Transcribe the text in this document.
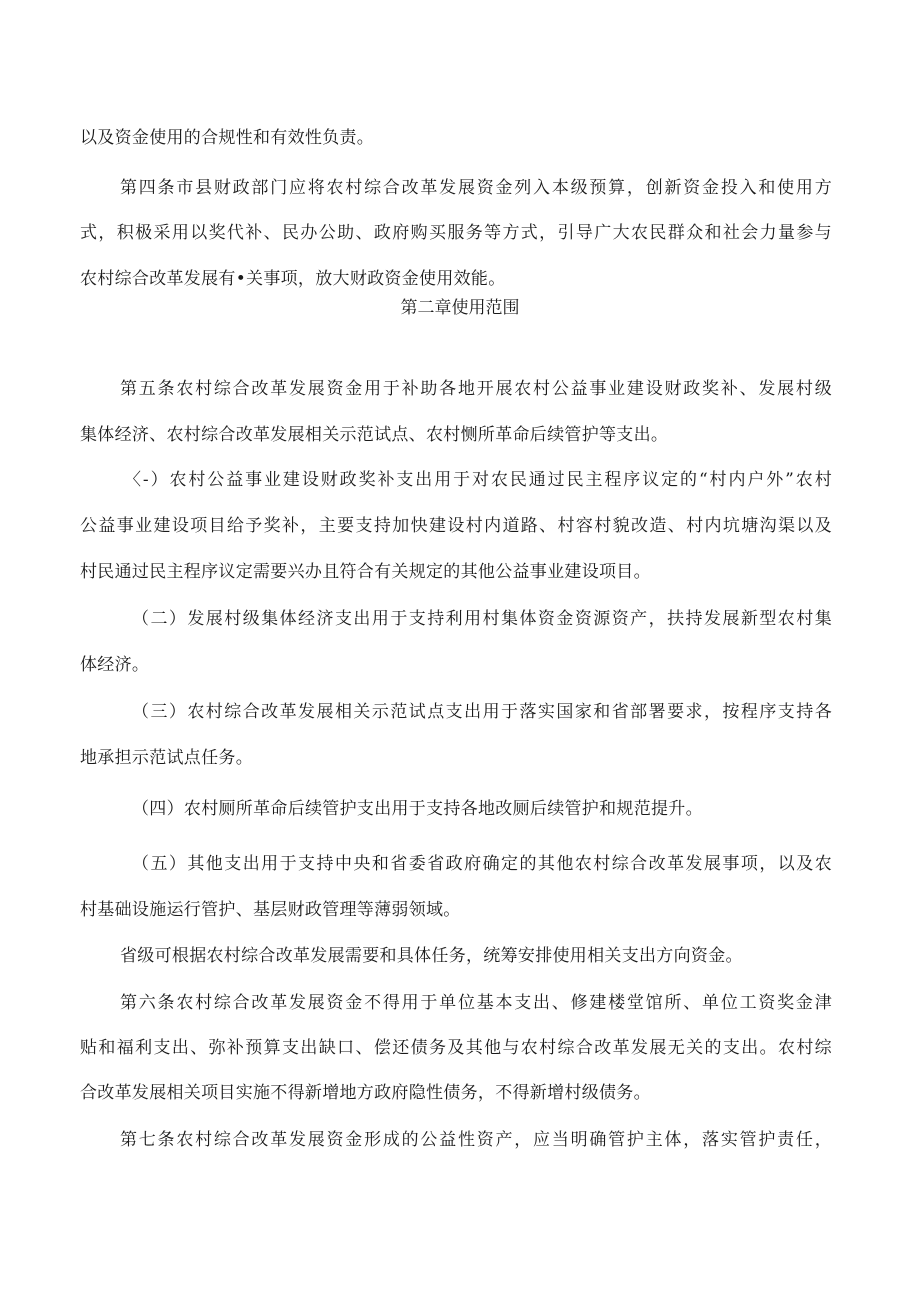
以及资金使用的合规性和有效性负责。
第四条市县财政部门应将农村综合改革发展资金列入本级预算，创新资金投入和使用方
式，积极采用以奖代补、民办公助、政府购买服务等方式，引导广大农民群众和社会力量参与
农村综合改革发展有•关事项，放大财政资金使用效能。
第二章使用范围
第五条农村综合改革发展资金用于补助各地开展农村公益事业建设财政奖补、发展村级
集体经济、农村综合改革发展相关示范试点、农村恻所革命后续管护等支出。
〈-）农村公益事业建设财政奖补支出用于对农民通过民主程序议定的“村内户外”农村
公益事业建设项目给予奖补，主要支持加快建设村内道路、村容村貌改造、村内坑塘沟渠以及
村民通过民主程序议定需要兴办且符合有关规定的其他公益事业建设项目。
（二）发展村级集体经济支出用于支持利用村集体资金资源资产，扶持发展新型农村集
体经济。
（三）农村综合改革发展相关示范试点支出用于落实国家和省部署要求，按程序支持各
地承担示范试点任务。
（四）农村厕所革命后续管护支出用于支持各地改厕后续管护和规范提升。
（五）其他支出用于支持中央和省委省政府确定的其他农村综合改革发展事项，以及农
村基础设施运行管护、基层财政管理等薄弱领域。
省级可根据农村综合改革发展需要和具体任务，统筹安排使用相关支出方向资金。
第六条农村综合改革发展资金不得用于单位基本支出、修建楼堂馆所、单位工资奖金津
贴和福利支出、弥补预算支出缺口、偿还债务及其他与农村综合改革发展无关的支出。农村综
合改革发展相关项目实施不得新增地方政府隐性债务，不得新增村级债务。
第七条农村综合改革发展资金形成的公益性资产，应当明确管护主体，落实管护责任，
